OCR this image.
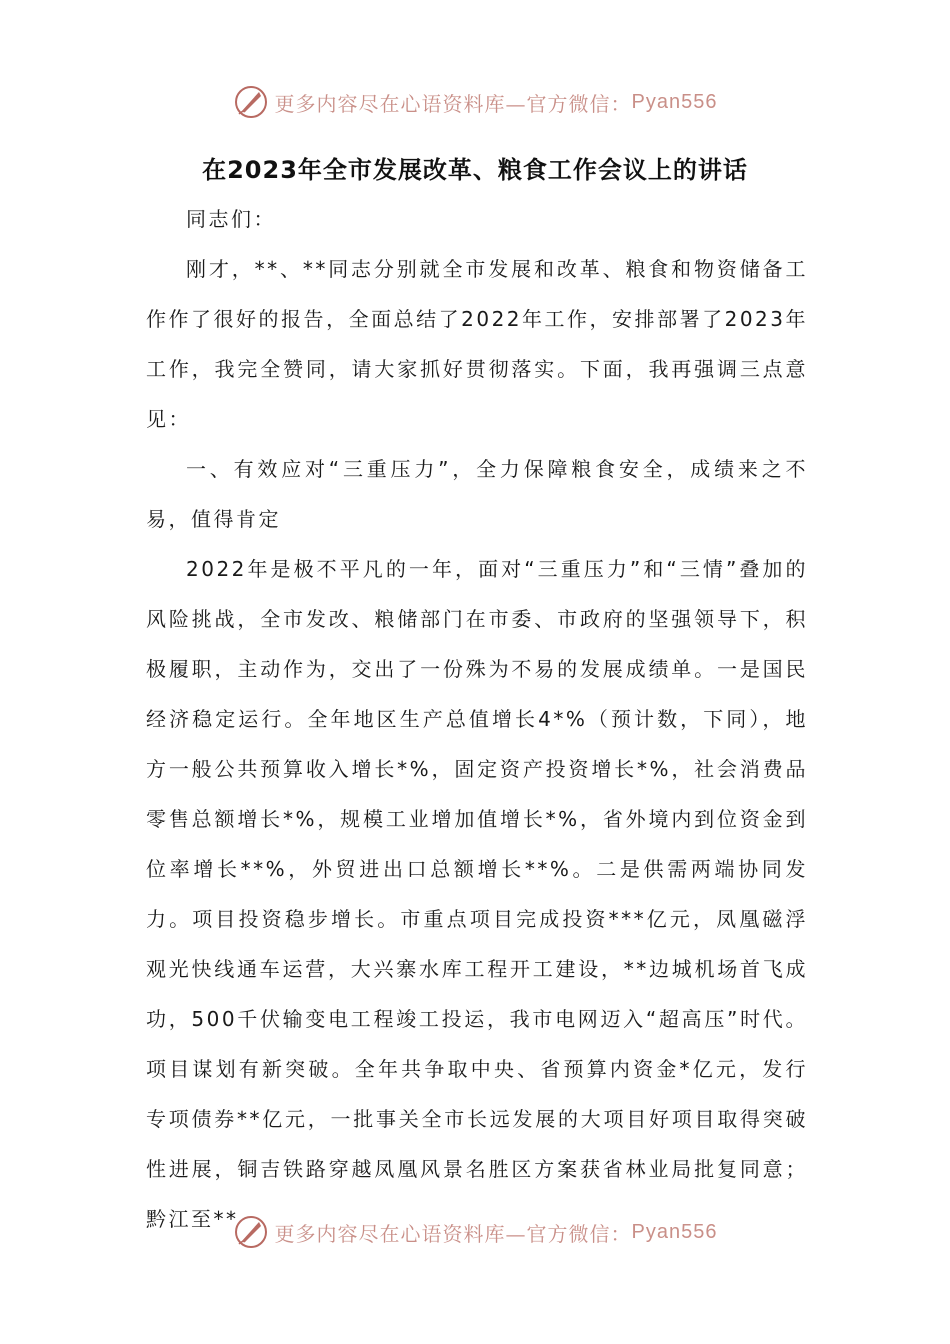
更多内容尽在心语资料库—官方微信： Pyan556
在2023年全市发展改革、粮食工作会议上的讲话

同志们：

刚才，**、**同志分别就全市发展和改革、粮食和物资储备工作作了很好的报告，全面总结了2022年工作，安排部署了2023年工作，我完全赞同，请大家抓好贯彻落实。下面，我再强调三点意见：

一、有效应对“三重压力”，全力保障粮食安全，成绩来之不易，值得肯定

2022年是极不平凡的一年，面对“三重压力”和“三情”叠加的风险挑战，全市发改、粮储部门在市委、市政府的坚强领导下，积极履职，主动作为，交出了一份殊为不易的发展成绩单。一是国民经济稳定运行。全年地区生产总值增长4*%（预计数，下同），地方一般公共预算收入增长*%，固定资产投资增长*%，社会消费品零售总额增长*%，规模工业增加值增长*%，省外境内到位资金到位率增长**%，外贸进出口总额增长**%。二是供需两端协同发力。项目投资稳步增长。市重点项目完成投资***亿元，凤凰磁浮观光快线通车运营，大兴寨水库工程开工建设，**边城机场首飞成功，500千伏输变电工程竣工投运，我市电网迈入“超高压”时代。项目谋划有新突破。全年共争取中央、省预算内资金*亿元，发行专项债券**亿元，一批事关全市长远发展的大项目好项目取得突破性进展，铜吉铁路穿越凤凰风景名胜区方案获省林业局批复同意；黔江至**

更多内容尽在心语资料库—官方微信： Pyan556
